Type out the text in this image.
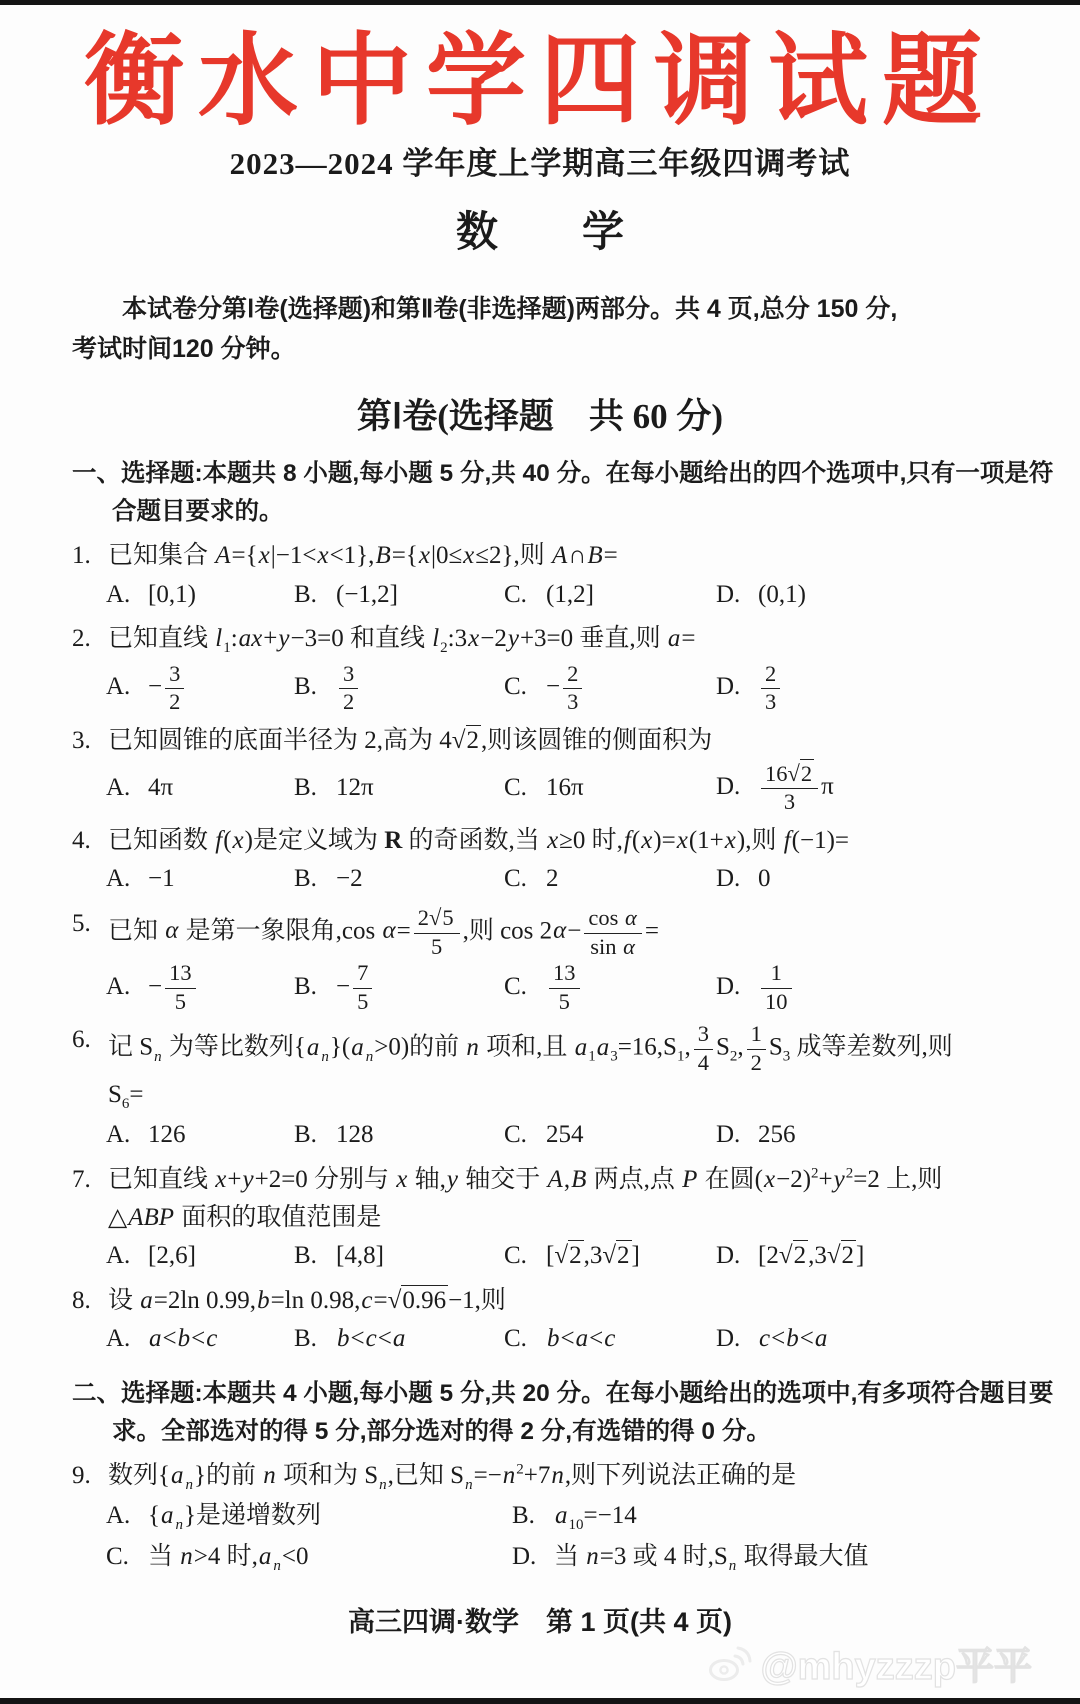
衡水中学四调试题
2023—2024 学年度上学期高三年级四调考试
数　　学
本试卷分第Ⅰ卷(选择题)和第Ⅱ卷(非选择题)两部分。共 4 页,总分 150 分,
考试时间120 分钟。
第Ⅰ卷(选择题　共 60 分)
一、选择题:本题共 8 小题,每小题 5 分,共 40 分。在每小题给出的四个选项中,只有一项是符
合题目要求的。
1. 已知集合 A={x|−1<x<1},B={x|0≤x≤2},则 A∩B=
A. [0,1)	B. (−1,2]	C. (1,2]	D. (0,1)
2. 已知直线 $l_1:ax+y-3=0$ 和直线 $l_2:3x-2y+3=0$ 垂直,则 a=
A. − $\frac{3}{2}$	B. $\frac{3}{2}$	C. − $\frac{2}{3}$	D. $\frac{2}{3}$
3. 已知圆锥的底面半径为 2,高为 4√2,则该圆锥的侧面积为
A. 4π	B. 12π	C. 16π	D. $\frac{16√2}{3}$ π
4. 已知函数 f(x)是定义域为 R 的奇函数,当 x≥0 时,f(x)=x(1+x),则 f(−1)=
A. −1	B. −2	C. 2	D. 0
5. 已知 α 是第一象限角,cos $\alpha= \frac{2√5}{5}$ ,则 $\cos 2\alpha- \frac{\text{cos α}}{\text{sin α}}$ =
A. − $\frac{13}{5}$	B. − $\frac{7}{5}$	C. $\frac{13}{5}$	D. $\frac{1}{10}$
6. 记 $S_n$ 为等比数列{a $_n$}(a $_n$>0)的前 n 项和,且 $a_1a_3=16,S_1$, $\frac{3}{4} S_2$, $\frac{1}{2} S_3$ 成等差数列,则
$S_6=$
A. 126	B. 128	C. 254	D. 256
7. 已知直线 x+y+2=0 分别与 x 轴,y 轴交于 A,B 两点,点 P 在圆$(x-2)^2+y^2=2$ 上,则
△ABP 面积的取值范围是
A. [2,6]	B. [4,8]	C. [√2,3√2]	D. [2√2,3√2]
8. 设 a=2ln 0.99,b=ln 0.98,c=√0.96−1,则
A. a<b<c	B. b<c<a	C. b<a<c	D. c<b<a
二、选择题:本题共 4 小题,每小题 5 分,共 20 分。在每小题给出的选项中,有多项符合题目要
求。全部选对的得 5 分,部分选对的得 2 分,有选错的得 0 分。
9. 数列{a $_n$}的前 n 项和为 $S_n$,已知 $S_n=-n^2+7n$,则下列说法正确的是
A. {a $_n$}是递增数列	B. $a_{10}=-14$
C. 当 n>4 时,a $_n$<0	D. 当 n=3 或 4 时$,S_n$ 取得最大值
高三四调·数学　第 1 页(共 4 页)
@mhyzzzp平平
